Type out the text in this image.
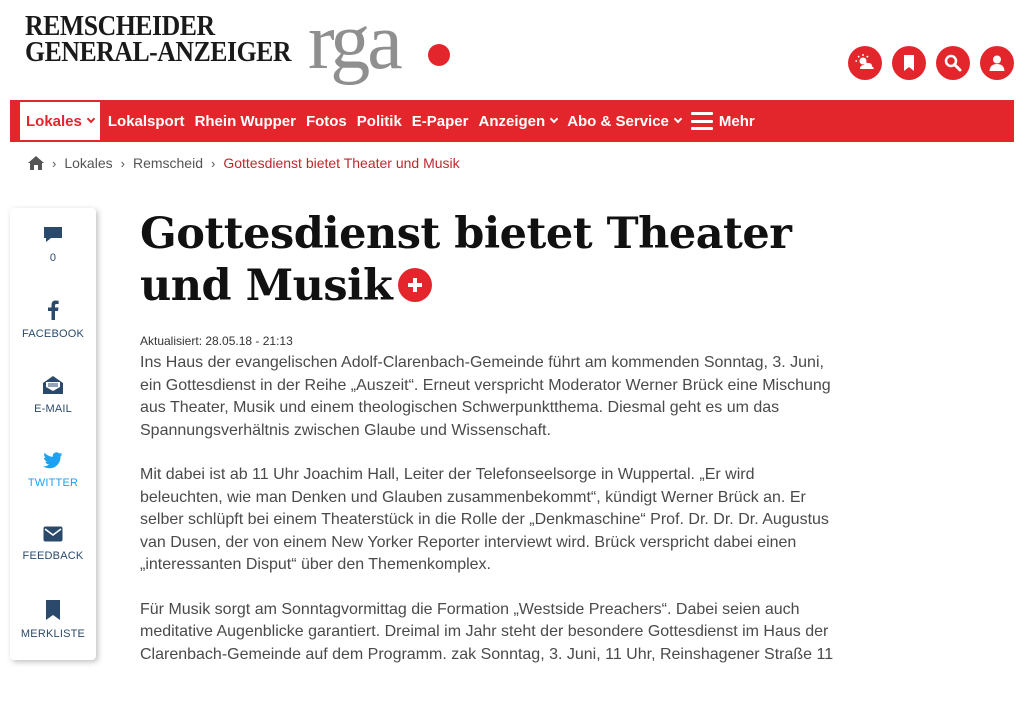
REMSCHEIDER
GENERAL-ANZEIGER rga
Lokales Lokalsport Rhein Wupper Fotos Politik E-Paper Anzeigen Abo & Service	Mehr
› Lokales › Remscheid › Gottesdienst bietet Theater und Musik
0
FACEBOOK
E-MAIL
TWITTER
FEEDBACK
MERKLISTE
Gottesdienst bietet Theater und Musik
Aktualisiert: 28.05.18 - 21:13

Ins Haus der evangelischen Adolf-Clarenbach-Gemeinde führt am kommenden Sonntag, 3. Juni, ein Gottesdienst in der Reihe „Auszeit“. Erneut verspricht Moderator Werner Brück eine Mischung aus Theater, Musik und einem theologischen Schwerpunktthema. Diesmal geht es um das Spannungsverhältnis zwischen Glaube und Wissenschaft.

Mit dabei ist ab 11 Uhr Joachim Hall, Leiter der Telefonseelsorge in Wuppertal. „Er wird beleuchten, wie man Denken und Glauben zusammenbekommt“, kündigt Werner Brück an. Er selber schlüpft bei einem Theaterstück in die Rolle der „Denkmaschine“ Prof. Dr. Dr. Dr. Augustus van Dusen, der von einem New Yorker Reporter interviewt wird. Brück verspricht dabei einen „interessanten Disput“ über den Themenkomplex.

Für Musik sorgt am Sonntagvormittag die Formation „Westside Preachers“. Dabei seien auch meditative Augenblicke garantiert. Dreimal im Jahr steht der besondere Gottesdienst im Haus der Clarenbach-Gemeinde auf dem Programm. zak Sonntag, 3. Juni, 11 Uhr, Reinshagener Straße 11
